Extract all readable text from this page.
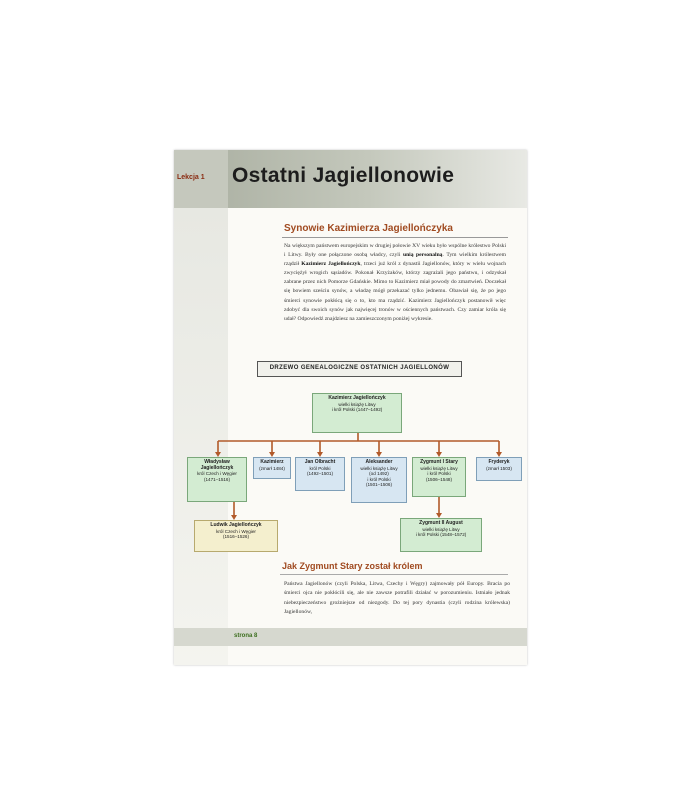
Lekcja 1 Ostatni Jagiellonowie
Synowie Kazimierza Jagiellończyka
Na większym państwem europejskim w drugiej połowie XV wieku było wspólne królestwo Polski i Litwy. Były one połączone osobą władcy, czyli unią personalną. Tym wielkim królestwem rządził Kazimierz Jagiellończyk, trzeci już król z dynastii Jagiellonów, który w wielu wojnach zwyciężył wrogich sąsiadów. Pokonał Krzyżaków, którzy zagrażali jego państwu, i odzyskał zabrane przez nich Pomorze Gdańskie. Mimo to Kazimierz miał powody do zmartwień. Doczekał się bowiem sześciu synów, a władzę mógł przekazać tylko jednemu. Obawiał się, że po jego śmierci synowie pokłócą się o to, kto ma rządzić. Kazimierz Jagiellończyk postanowił więc zdobyć dla swoich synów jak najwięcej tronów w ościennych państwach. Czy zamiar króla się udał? Odpowiedź znajdziesz na zamieszczonym poniżej wykresie.
DRZEWO GENEALOGICZNE OSTATNICH JAGIELLONÓW
Kazimierz Jagiellończyk
wielki książę Litwy
i król Polski (1447–1492)
Władysław Jagiellończyk
król Czech i Węgier
(1471–1516)
Kazimierz
(zmarł 1484)
Jan Olbracht
król Polski
(1492–1501)
Aleksander
wielki książę Litwy
(od 1492)
i król Polski
(1501–1506)
Zygmunt I Stary
wielki książę Litwy
i król Polski
(1506–1548)
Fryderyk
(zmarł 1503)
Ludwik Jagiellończyk
król Czech i Węgier
(1516–1526)
Zygmunt II August
wielki książę Litwy
i król Polski (1548–1572)
Jak Zygmunt Stary został królem
Państwa Jagiellonów (czyli Polska, Litwa, Czechy i Węgry) zajmowały pół Europy. Bracia po śmierci ojca nie pokłócili się, ale nie zawsze potrafili działać w porozumieniu. Istniało jednak niebezpieczeństwo grożniejsze od niezgody. Do tej pory dynastia (czyli rodzina królewska) Jagiellonów,
strona 8
